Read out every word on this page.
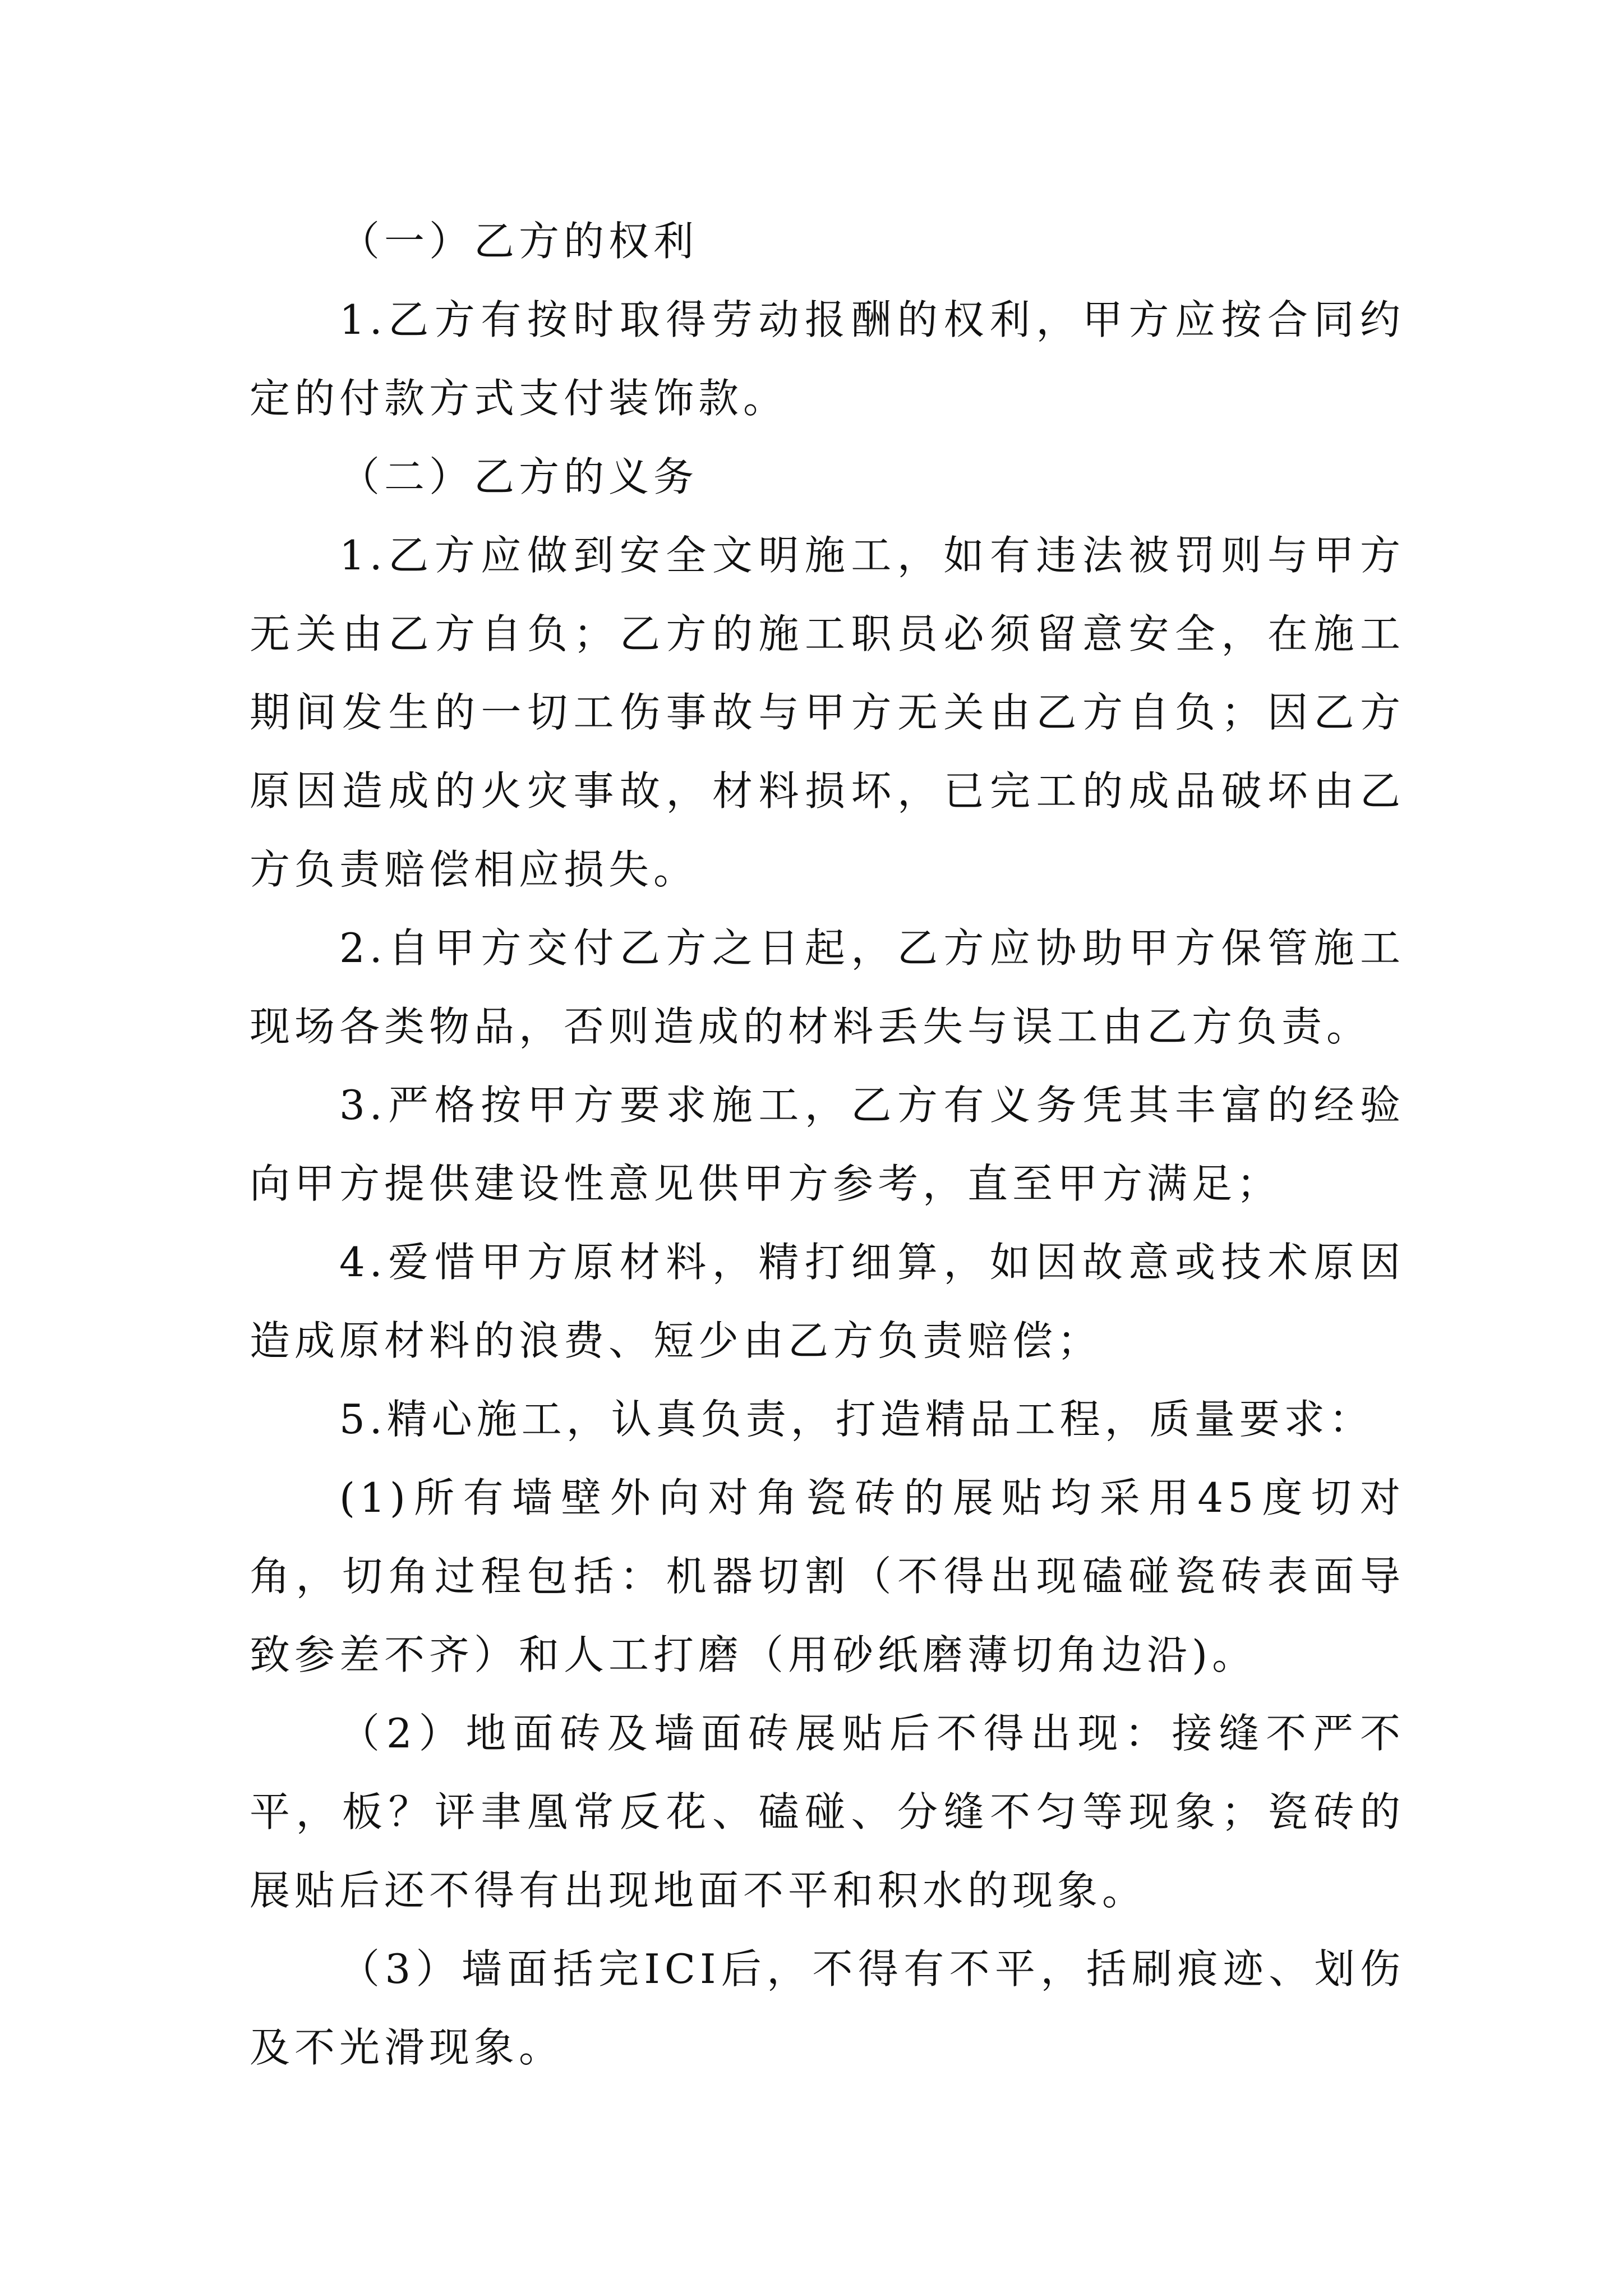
（一）乙方的权利

1.乙方有按时取得劳动报酬的权利，甲方应按合同约定的付款方式支付装饰款。

（二）乙方的义务

1.乙方应做到安全文明施工，如有违法被罚则与甲方无关由乙方自负；乙方的施工职员必须留意安全，在施工期间发生的一切工伤事故与甲方无关由乙方自负；因乙方原因造成的火灾事故，材料损坏，已完工的成品破坏由乙方负责赔偿相应损失。

2.自甲方交付乙方之日起，乙方应协助甲方保管施工现场各类物品，否则造成的材料丢失与误工由乙方负责。

3.严格按甲方要求施工，乙方有义务凭其丰富的经验向甲方提供建设性意见供甲方参考，直至甲方满足；

4.爱惜甲方原材料，精打细算，如因故意或技术原因造成原材料的浪费、短少由乙方负责赔偿；

5.精心施工，认真负责，打造精品工程，质量要求：

(1)所有墙壁外向对角瓷砖的展贴均采用45度切对角，切角过程包括：机器切割（不得出现磕碰瓷砖表面导致参差不齐）和人工打磨（用砂纸磨薄切角边沿)。

（2）地面砖及墙面砖展贴后不得出现：接缝不严不平，板？评聿凰常反花、磕碰、分缝不匀等现象；瓷砖的展贴后还不得有出现地面不平和积水的现象。

（3）墙面括完ICI后，不得有不平，括刷痕迹、划伤及不光滑现象。
